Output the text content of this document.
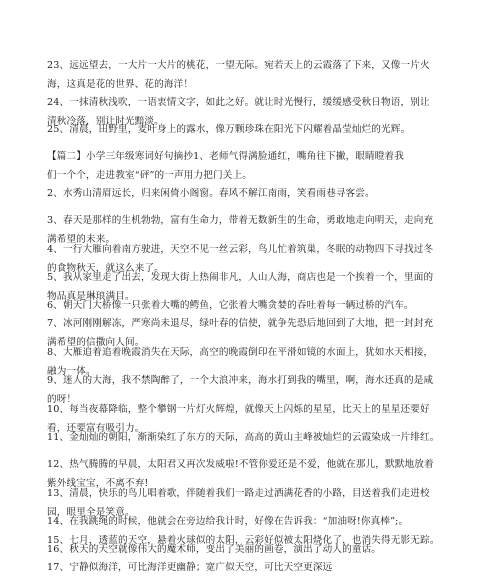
23、远远望去，一大片一大片的桃花，一望无际。宛若天上的云霞落了下来，又像一片火
海，这真是花的世界、花的海洋！
24、一抹清秋浅吹，一语衷情文字，如此之好。就让时光慢行，缓缓感受秋日物语，别让
清秋冷落，别让时光黯淡。
25、清晨，田野里，麦叶身上的露水，像万颗珍珠在阳光下闪耀着晶莹灿烂的光辉。
【篇二】小学三年级寒词好句摘抄1、老师气得满脸通红，嘴角往下撇，眼睛瞪着我
们一个个，走进教室“砰”的一声用力把门关上。
2、水秀山清眉远长，归来闲倚小阁窗。春风不解江南雨，笑看雨巷寻客尝。
3、春天是那样的生机勃勃，富有生命力，带着无数新生的生命，勇敢地走向明天，走向充
满希望的未来。
4、一行大雁向着南方驶进，天空不见一丝云彩，鸟儿忙着筑巢，冬眠的动物四下寻找过冬
的食物秋天，就这么来了。
5、我从家里走了出去，发现大街上热闹非凡，人山人海，商店也是一个挨着一个，里面的
物品真是琳琅满目。
6、朝天门大桥像一只张着大嘴的鳄鱼，它张着大嘴贪婪的吞吐着每一辆过桥的汽车。
7、冰河刚刚解冻，严寒尚未退尽，绿叶春的信使，就争先恐后地回到了大地，把一封封充
满希望的信撒向人间。
8、大雁追着追着晚霞消失在天际，高空的晚霞倒印在平滑如镜的水面上，犹如水天相接，
融为一体。
9、迷人的大海，我不禁陶醉了，一个大浪冲来，海水打到我的嘴里，啊，海水还真的是咸
的呀！
10、每当夜幕降临，整个攀钢一片灯火辉煌，就像天上闪烁的星星，比天上的星星还要好
看，还要富有吸引力。
11、金灿灿的朝阳，渐渐染红了东方的天际，高高的黄山主峰被灿烂的云霞染成一片绯红。
12、热气腾腾的早晨，太阳君又再次发威啦!不管你爱还是不爱，他就在那儿，默默地放着
紫外线宝宝，不离不弃!
13、清晨，快乐的鸟儿唱着歌，伴随着我们一路走过洒满花香的小路，目送着我们走进校
园，眼里全是笑意。
14、在我跳绳的时候，他就会在旁边给我计时，好像在告诉我：“加油呀!你真棒”;。
15、七月，透蓝的天空，悬着火球似的太阳，云彩好似被太阳烧化了，也消失得无影无踪。
16、秋天的天空就像伟大的魔术师，变出了美丽的画卷，演出了动人的童话。
17、宁静似海洋，可比海洋更幽静；宽广似天空，可比天空更深远
